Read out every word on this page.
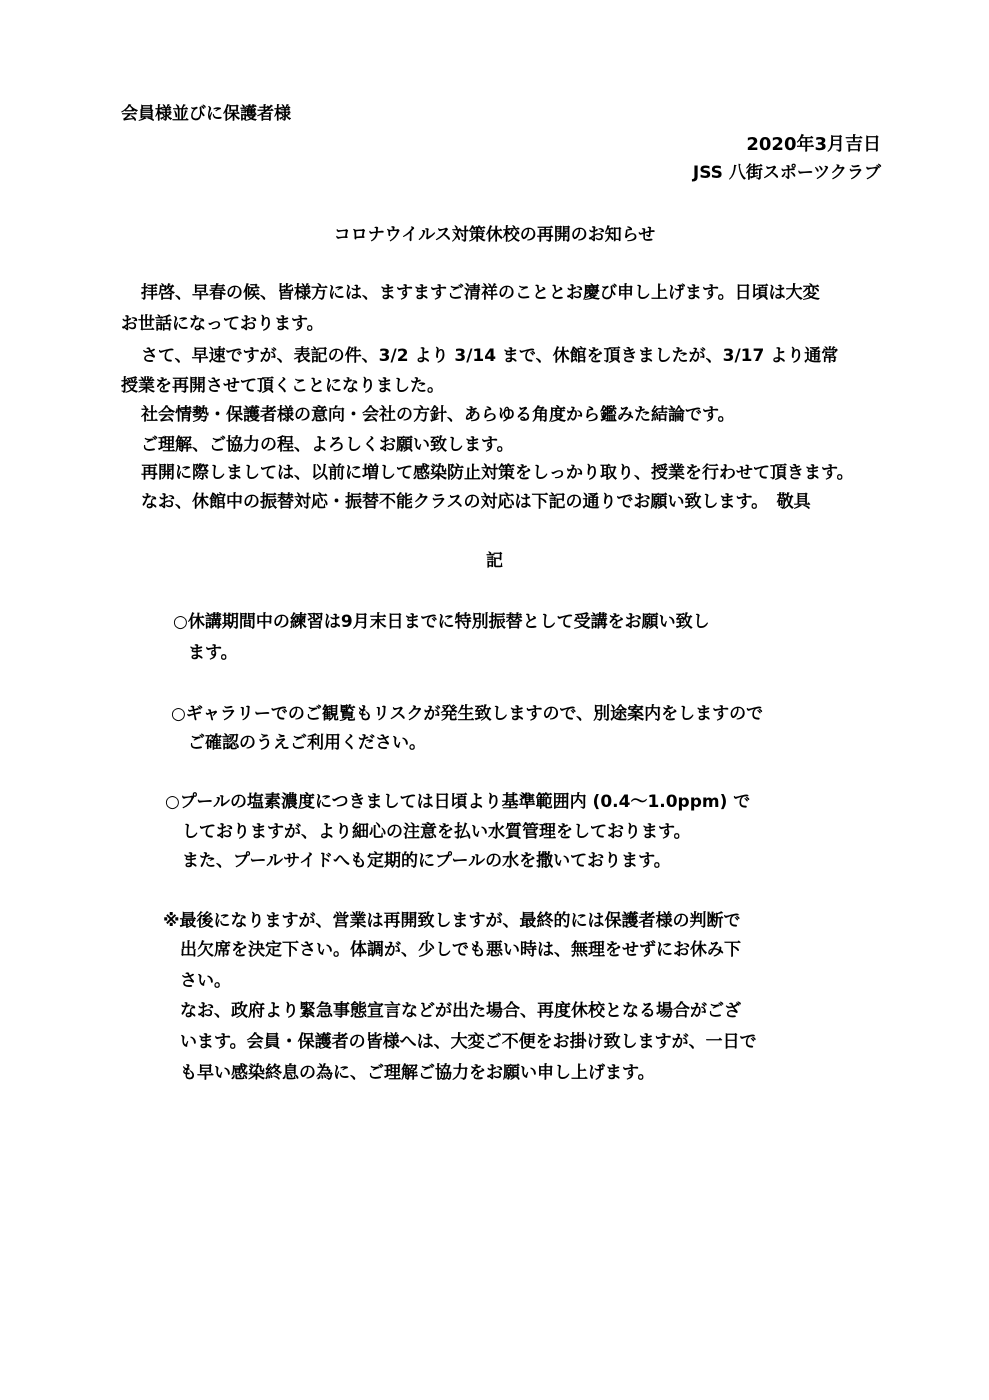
会員様並びに保護者様
2020年3月吉日
JSS 八街スポーツクラブ
コロナウイルス対策休校の再開のお知らせ
拝啓、早春の候、皆様方には、ますますご清祥のこととお慶び申し上げます。日頃は大変
お世話になっております。
さて、早速ですが、表記の件、3/2 より 3/14 まで、休館を頂きましたが、3/17 より通常
授業を再開させて頂くことになりました。
社会情勢・保護者様の意向・会社の方針、あらゆる角度から鑑みた結論です。
ご理解、ご協力の程、よろしくお願い致します。
再開に際しましては、以前に増して感染防止対策をしっかり取り、授業を行わせて頂きます。
なお、休館中の振替対応・振替不能クラスの対応は下記の通りでお願い致します。　敬具
記
○休講期間中の練習は9月末日までに特別振替として受講をお願い致し
ます。
○ギャラリーでのご観覧もリスクが発生致しますので、別途案内をしますので
ご確認のうえご利用ください。
○プールの塩素濃度につきましては日頃より基準範囲内 (0.4～1.0ppm) で
しておりますが、より細心の注意を払い水質管理をしております。
また、プールサイドへも定期的にプールの水を撒いております。
※最後になりますが、営業は再開致しますが、最終的には保護者様の判断で
出欠席を決定下さい。体調が、少しでも悪い時は、無理をせずにお休み下
さい。
なお、政府より緊急事態宣言などが出た場合、再度休校となる場合がござ
います。会員・保護者の皆様へは、大変ご不便をお掛け致しますが、一日で
も早い感染終息の為に、ご理解ご協力をお願い申し上げます。
